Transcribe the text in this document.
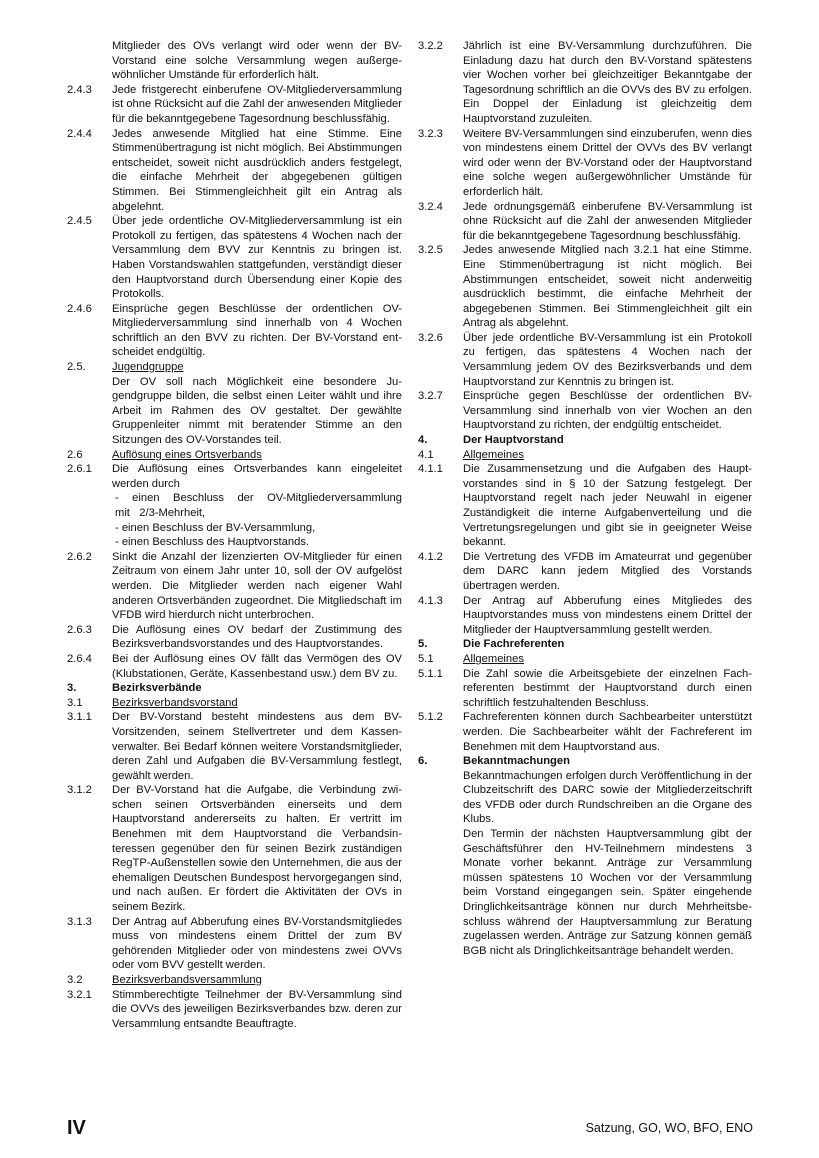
Mitglieder des OVs verlangt wird oder wenn der BV-Vorstand eine solche Versammlung wegen außergewöhnlicher Umstände für erforderlich hält.
2.4.3	Jede fristgerecht einberufene OV-Mitgliederversammlung ist ohne Rücksicht auf die Zahl der anwesenden Mitglieder für die bekanntgegebene Tagesordnung beschlussfähig.
2.4.4	Jedes anwesende Mitglied hat eine Stimme. Eine Stimmenübertragung ist nicht möglich. Bei Abstimmungen entscheidet, soweit nicht ausdrücklich anders festgelegt, die einfache Mehrheit der abgegebenen gültigen Stimmen. Bei Stimmengleichheit gilt ein Antrag als abgelehnt.
2.4.5	Über jede ordentliche OV-Mitgliederversammlung ist ein Protokoll zu fertigen, das spätestens 4 Wochen nach der Versammlung dem BVV zur Kenntnis zu bringen ist. Haben Vorstandswahlen stattgefunden, verständigt dieser den Hauptvorstand durch Übersendung einer Kopie des Protokolls.
2.4.6	Einsprüche gegen Beschlüsse der ordentlichen OV-Mitgliederversammlung sind innerhalb von 4 Wochen schriftlich an den BVV zu richten. Der BV-Vorstand entscheidet endgültig.
2.5.	Jugendgruppe
Der OV soll nach Möglichkeit eine besondere Jugendgruppe bilden, die selbst einen Leiter wählt und ihre Arbeit im Rahmen des OV gestaltet. Der gewählte Gruppenleiter nimmt mit beratender Stimme an den Sitzungen des OV-Vorstandes teil.
2.6	Auflösung eines Ortsverbands
2.6.1	Die Auflösung eines Ortsverbandes kann eingeleitet werden durch
- einen Beschluss der OV-Mitgliederversammlung mit   2/3-Mehrheit,
- einen Beschluss der BV-Versammlung,
- einen Beschluss des Hauptvorstands.
2.6.2	Sinkt die Anzahl der lizenzierten OV-Mitglieder für einen Zeitraum von einem Jahr unter 10, soll der OV aufgelöst werden. Die Mitglieder werden nach eigener Wahl anderen Ortsverbänden zugeordnet. Die Mitgliedschaft im VFDB wird hierdurch nicht unterbrochen.
2.6.3	Die Auflösung eines OV bedarf der Zustimmung des Bezirksverbandsvorstandes und des Hauptvorstandes.
2.6.4	Bei der Auflösung eines OV fällt das Vermögen des OV (Klubstationen, Geräte, Kassenbestand usw.) dem BV zu.
3.	Bezirksverbände
3.1	Bezirksverbandsvorstand
3.1.1	Der BV-Vorstand besteht mindestens aus dem BV-Vorsitzenden, seinem Stellvertreter und dem Kassenverwalter. Bei Bedarf können weitere Vorstandsmitglieder, deren Zahl und Aufgaben die BV-Versammlung festlegt, gewählt werden.
3.1.2	Der BV-Vorstand hat die Aufgabe, die Verbindung zwischen seinen Ortsverbänden einerseits und dem Hauptvorstand andererseits zu halten. Er vertritt im Benehmen mit dem Hauptvorstand die Verbandsinteressen gegenüber den für seinen Bezirk zuständigen RegTP-Außenstellen sowie den Unternehmen, die aus der ehemaligen Deutschen Bundespost hervorgegangen sind, und nach außen. Er fördert die Aktivitäten der OVs in seinem Bezirk.
3.1.3	Der Antrag auf Abberufung eines BV-Vorstandsmitgliedes muss von mindestens einem Drittel der zum BV gehörenden Mitglieder oder von mindestens zwei OVVs oder vom BVV gestellt werden.
3.2	Bezirksverbandsversammlung
3.2.1	Stimmberechtigte Teilnehmer der BV-Versammlung sind die OVVs des jeweiligen Bezirksverbandes bzw. deren zur Versammlung entsandte Beauftragte.
3.2.2	Jährlich ist eine BV-Versammlung durchzuführen. Die Einladung dazu hat durch den BV-Vorstand spätestens vier Wochen vorher bei gleichzeitiger Bekanntgabe der Tagesordnung schriftlich an die OVVs des BV zu erfolgen. Ein Doppel der Einladung ist gleichzeitig dem Hauptvorstand zuzuleiten.
3.2.3	Weitere BV-Versammlungen sind einzuberufen, wenn dies von mindestens einem Drittel der OVVs des BV verlangt wird oder wenn der BV-Vorstand oder der Hauptvorstand eine solche wegen außergewöhnlicher Umstände für erforderlich hält.
3.2.4	Jede ordnungsgemäß einberufene BV-Versammlung ist ohne Rücksicht auf die Zahl der anwesenden Mitglieder für die bekanntgegebene Tagesordnung beschlussfähig.
3.2.5	Jedes anwesende Mitglied nach 3.2.1 hat eine Stimme. Eine Stimmenübertragung ist nicht möglich. Bei Abstimmungen entscheidet, soweit nicht anderweitig ausdrücklich bestimmt, die einfache Mehrheit der abgegebenen Stimmen. Bei Stimmengleichheit gilt ein Antrag als abgelehnt.
3.2.6	Über jede ordentliche BV-Versammlung ist ein Protokoll zu fertigen, das spätestens 4 Wochen nach der Versammlung jedem OV des Bezirksverbands und dem Hauptvorstand zur Kenntnis zu bringen ist.
3.2.7	Einsprüche gegen Beschlüsse der ordentlichen BV-Versammlung sind innerhalb von vier Wochen an den Hauptvorstand zu richten, der endgültig entscheidet.
4.	Der Hauptvorstand
4.1	Allgemeines
4.1.1	Die Zusammensetzung und die Aufgaben des Hauptvorstandes sind in § 10 der Satzung festgelegt. Der Hauptvorstand regelt nach jeder Neuwahl in eigener Zuständigkeit die interne Aufgabenverteilung und die Vertretungsregelungen und gibt sie in geeigneter Weise bekannt.
4.1.2	Die Vertretung des VFDB im Amateurrat und gegenüber dem DARC kann jedem Mitglied des Vorstands übertragen werden.
4.1.3	Der Antrag auf Abberufung eines Mitgliedes des Hauptvorstandes muss von mindestens einem Drittel der Mitglieder der Hauptversammlung gestellt werden.
5.	Die Fachreferenten
5.1	Allgemeines
5.1.1	Die Zahl sowie die Arbeitsgebiete der einzelnen Fachreferenten bestimmt der Hauptvorstand durch einen schriftlich festzuhaltenden Beschluss.
5.1.2	Fachreferenten können durch Sachbearbeiter unterstützt werden. Die Sachbearbeiter wählt der Fachreferent im Benehmen mit dem Hauptvorstand aus.
6.	Bekanntmachungen
Bekanntmachungen erfolgen durch Veröffentlichung in der Clubzeitschrift des DARC sowie der Mitgliederzeitschrift des VFDB oder durch Rundschreiben an die Organe des Klubs.
Den Termin der nächsten Hauptversammlung gibt der Geschäftsführer den HV-Teilnehmern mindestens 3 Monate vorher bekannt. Anträge zur Versammlung müssen spätestens 10 Wochen vor der Versammlung beim Vorstand eingegangen sein. Später eingehende Dringlichkeitsanträge können nur durch Mehrheitsbeschluss während der Hauptversammlung zur Beratung zugelassen werden. Anträge zur Satzung können gemäß BGB nicht als Dringlichkeitsanträge behandelt werden.
IV	Satzung, GO, WO, BFO, ENO
